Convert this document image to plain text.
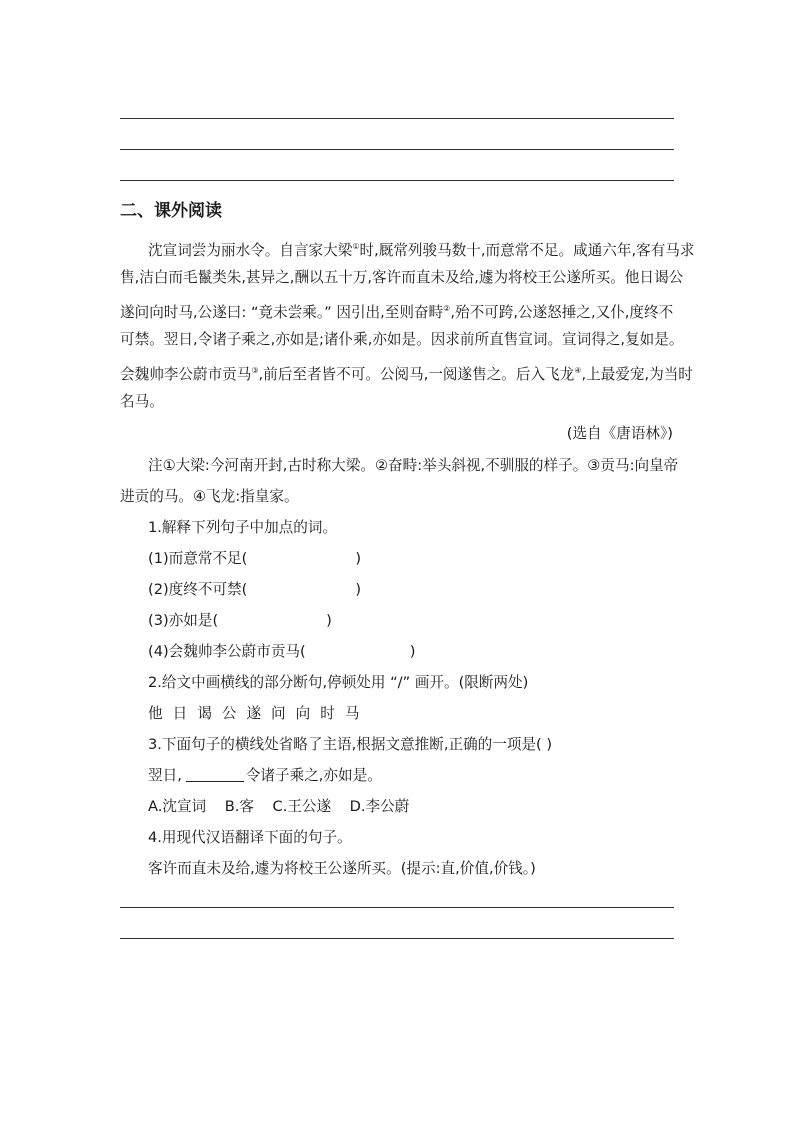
二、课外阅读
沈宣词尝为丽水令。自言家大梁①时,厩常列骏马数十,而意常不足。咸通六年,客有马求
售,洁白而毛鬣类朱,甚异之,酬以五十万,客许而直未及给,遽为将校王公遂所买。他日谒公
遂问向时马,公遂曰: “竟未尝乘。” 因引出,至则奋畤②,殆不可跨,公遂怒捶之,又仆,度终不
可禁。翌日,令诸子乘之,亦如是;诸仆乘,亦如是。因求前所直售宣词。宣词得之,复如是。
会魏帅李公蔚市贡马③,前后至者皆不可。公阅马,一阅遂售之。后入飞龙④,上最爱宠,为当时
名马。
(选自《唐语林》)
注①大梁:今河南开封,古时称大梁。②奋畤:举头斜视,不驯服的样子。③贡马:向皇帝
进贡的马。④飞龙:指皇家。
1.解释下列句子中加点的词。
(1)而意常不足(	)
(2)度终不可禁(	)
(3)亦如是(	)
(4)会魏帅李公蔚市贡马(	)
2.给文中画横线的部分断句,停顿处用 “/” 画开。(限断两处)
他 日 谒 公 遂 问 向 时 马
3.下面句子的横线处省略了主语,根据文意推断,正确的一项是( )
翌日,	令诸子乘之,亦如是。
A.沈宣词    B.客    C.王公遂    D.李公蔚
4.用现代汉语翻译下面的句子。
客许而直未及给,遽为将校王公遂所买。(提示:直,价值,价钱。)
